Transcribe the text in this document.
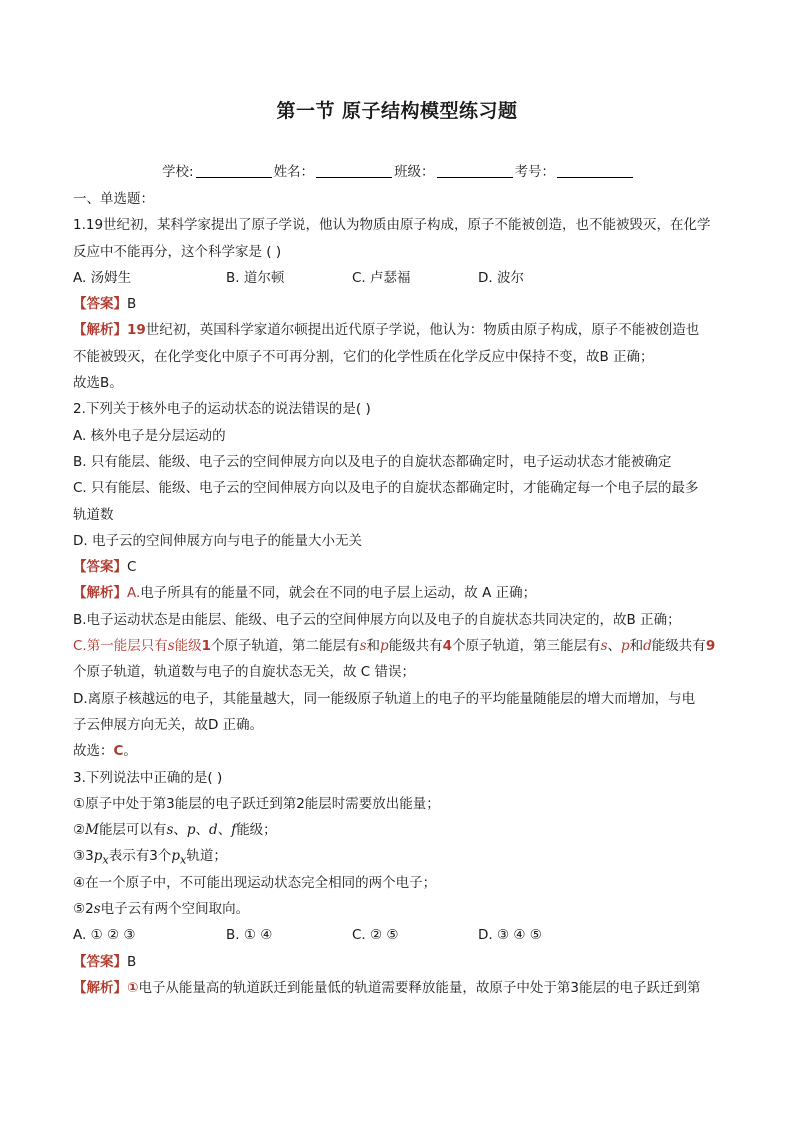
第一节 原子结构模型练习题
学校:	姓名：	班级：	考号：
一、单选题：
1.19世纪初，某科学家提出了原子学说，他认为物质由原子构成，原子不能被创造，也不能被毁灭，在化学
反应中不能再分，这个科学家是 ( )
A. 汤姆生	B. 道尔顿	C. 卢瑟福	D. 波尔
【答案】B
【解析】19世纪初，英国科学家道尔顿提出近代原子学说，他认为：物质由原子构成，原子不能被创造也
不能被毁灭，在化学变化中原子不可再分割，它们的化学性质在化学反应中保持不变，故B 正确；
故选B。
2.下列关于核外电子的运动状态的说法错误的是( )
A. 核外电子是分层运动的
B. 只有能层、能级、电子云的空间伸展方向以及电子的自旋状态都确定时，电子运动状态才能被确定
C. 只有能层、能级、电子云的空间伸展方向以及电子的自旋状态都确定时，才能确定每一个电子层的最多
轨道数
D. 电子云的空间伸展方向与电子的能量大小无关
【答案】C
【解析】A.电子所具有的能量不同，就会在不同的电子层上运动，故 A 正确；
B.电子运动状态是由能层、能级、电子云的空间伸展方向以及电子的自旋状态共同决定的，故B 正确；
C.第一能层只有s能级1个原子轨道，第二能层有s和p能级共有4个原子轨道，第三能层有s、p和d能级共有9
个原子轨道，轨道数与电子的自旋状态无关，故 C 错误；
D.离原子核越远的电子，其能量越大，同一能级原子轨道上的电子的平均能量随能层的增大而增加，与电
子云伸展方向无关，故D 正确。
故选：C。
3.下列说法中正确的是( )
①原子中处于第3能层的电子跃迁到第2能层时需要放出能量；
②M能层可以有s、p、d、f能级；
$③3p_x$表示有3个$p_x$轨道；
④在一个原子中，不可能出现运动状态完全相同的两个电子；
⑤2s电子云有两个空间取向。
A. ① ② ③	B. ① ④	C. ② ⑤	D. ③ ④ ⑤
【答案】B
【解析】①电子从能量高的轨道跃迁到能量低的轨道需要释放能量，故原子中处于第3能层的电子跃迁到第
